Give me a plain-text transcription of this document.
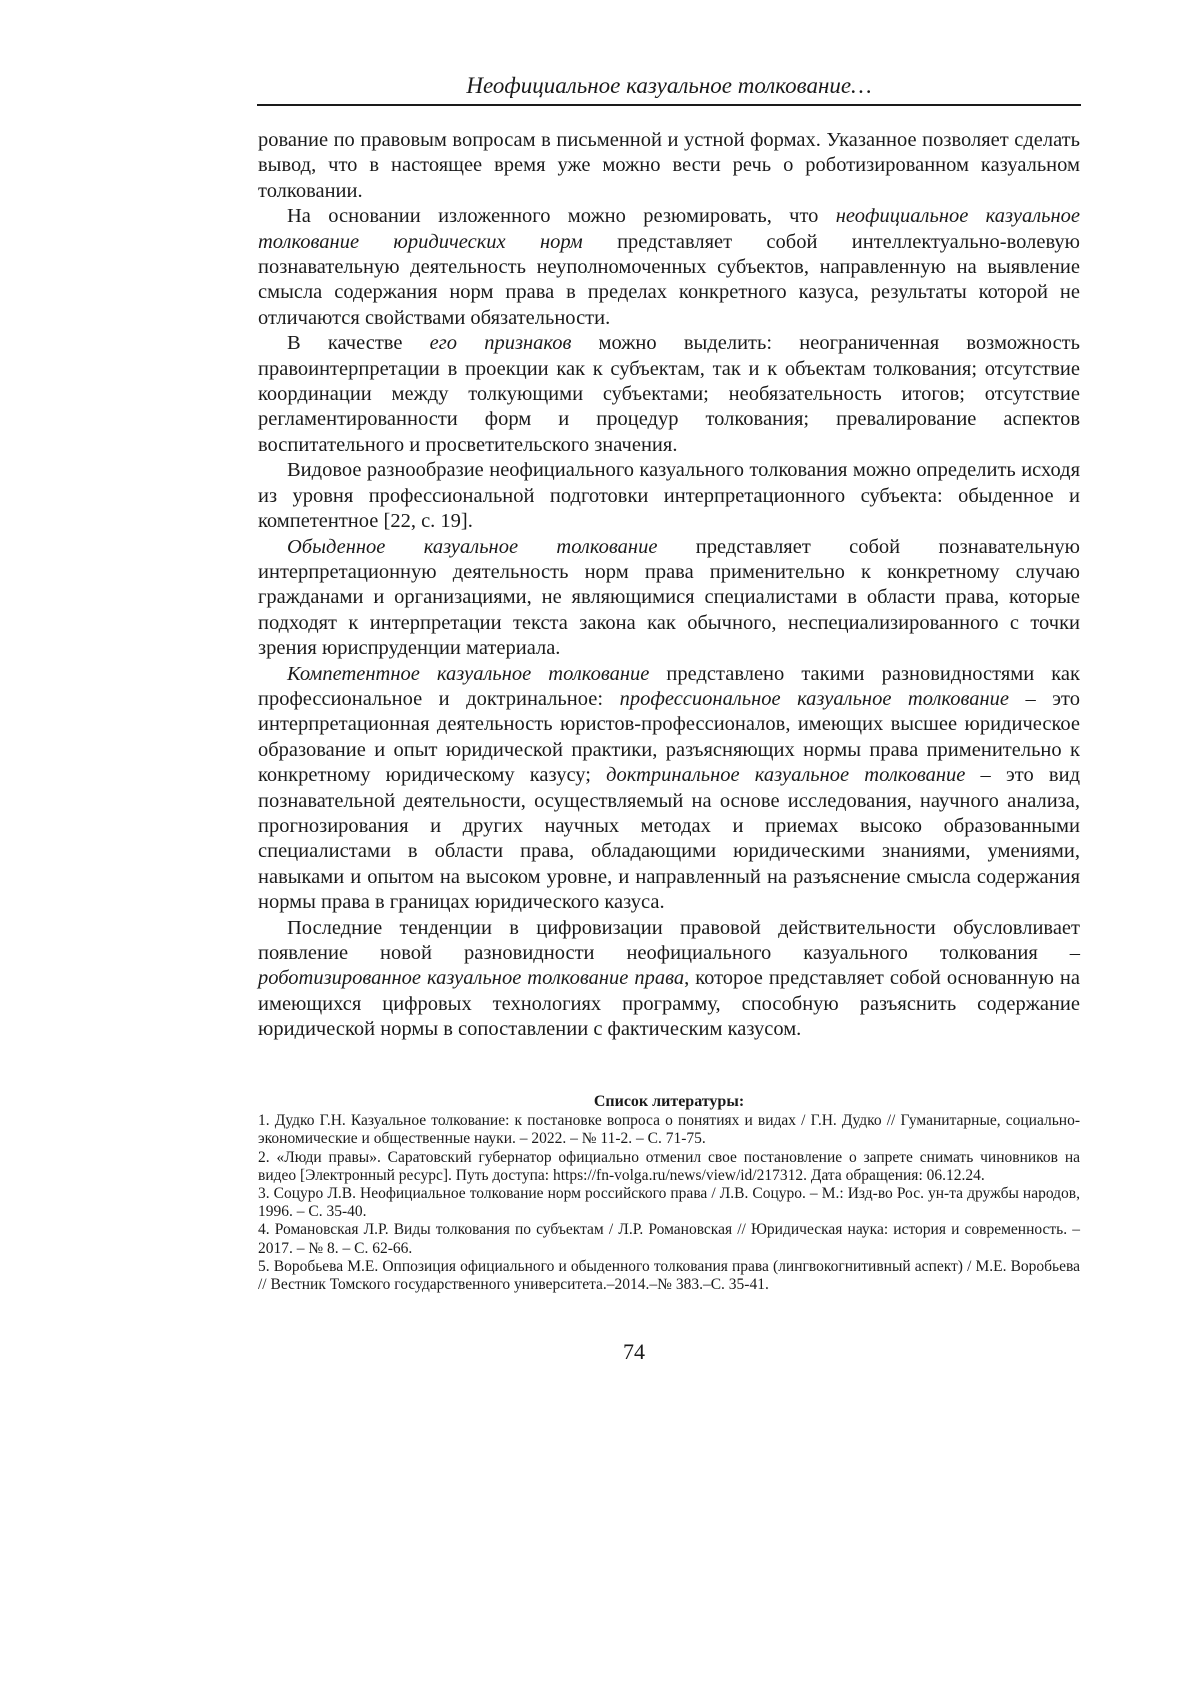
Неофициальное казуальное толкование…

рование по правовым вопросам в письменной и устной формах. Указанное позволяет сделать вывод, что в настоящее время уже можно вести речь о роботизированном казуальном толковании.

На основании изложенного можно резюмировать, что неофициальное казуальное толкование юридических норм представляет собой интеллектуально-волевую познавательную деятельность неуполномоченных субъектов, направленную на выявление смысла содержания норм права в пределах конкретного казуса, результаты которой не отличаются свойствами обязательности.

В качестве его признаков можно выделить: неограниченная возможность правоинтерпретации в проекции как к субъектам, так и к объектам толкования; отсутствие координации между толкующими субъектами; необязательность итогов; отсутствие регламентированности форм и процедур толкования; превалирование аспектов воспитательного и просветительского значения.

Видовое разнообразие неофициального казуального толкования можно определить исходя из уровня профессиональной подготовки интерпретационного субъекта: обыденное и компетентное [22, с. 19].

Обыденное казуальное толкование представляет собой познавательную интерпретационную деятельность норм права применительно к конкретному случаю гражданами и организациями, не являющимися специалистами в области права, которые подходят к интерпретации текста закона как обычного, неспециализированного с точки зрения юриспруденции материала.

Компетентное казуальное толкование представлено такими разновидностями как профессиональное и доктринальное: профессиональное казуальное толкование – это интерпретационная деятельность юристов-профессионалов, имеющих высшее юридическое образование и опыт юридической практики, разъясняющих нормы права применительно к конкретному юридическому казусу; доктринальное казуальное толкование – это вид познавательной деятельности, осуществляемый на основе исследования, научного анализа, прогнозирования и других научных методах и приемах высоко образованными специалистами в области права, обладающими юридическими знаниями, умениями, навыками и опытом на высоком уровне, и направленный на разъяснение смысла содержания нормы права в границах юридического казуса.

Последние тенденции в цифровизации правовой действительности обусловливает появление новой разновидности неофициального казуального толкования – роботизированное казуальное толкование права, которое представляет собой основанную на имеющихся цифровых технологиях программу, способную разъяснить содержание юридической нормы в сопоставлении с фактическим казусом.

Список литературы:

1. Дудко Г.Н. Казуальное толкование: к постановке вопроса о понятиях и видах / Г.Н. Дудко // Гуманитарные, социально-экономические и общественные науки. – 2022. – № 11-2. – С. 71-75.

2. «Люди правы». Саратовский губернатор официально отменил свое постановление о запрете снимать чиновников на видео [Электронный ресурс]. Путь доступа: https://fn-volga.ru/news/view/id/217312. Дата обращения: 06.12.24.

3. Соцуро Л.В. Неофициальное толкование норм российского права / Л.В. Соцуро. – М.: Изд-во Рос. ун-та дружбы народов, 1996. – С. 35-40.

4. Романовская Л.Р. Виды толкования по субъектам / Л.Р. Романовская // Юридическая наука: история и современность. – 2017. – № 8. – С. 62-66.

5. Воробьева М.Е. Оппозиция официального и обыденного толкования права (лингвокогнитивный аспект) / М.Е. Воробьева // Вестник Томского государственного университета.–2014.–№ 383.–С. 35-41.

74
